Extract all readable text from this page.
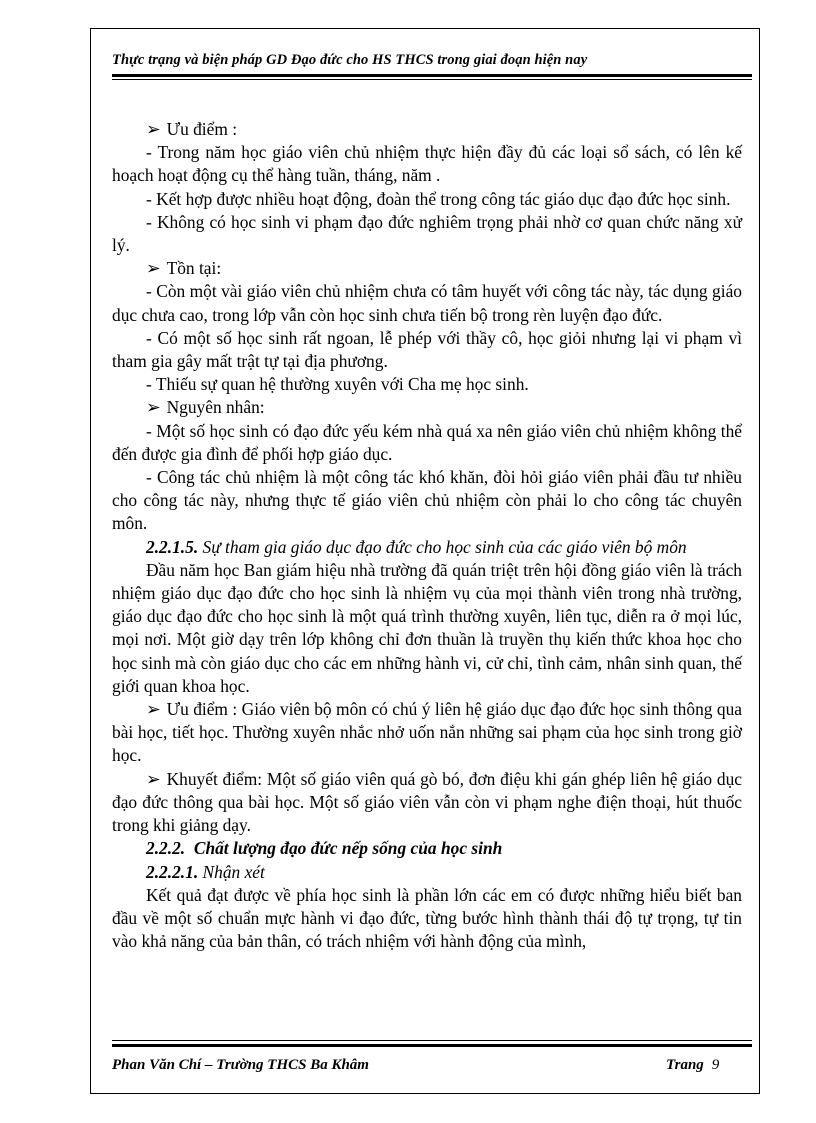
Thực trạng và biện pháp GD Đạo đức cho HS THCS trong giai đoạn hiện nay

➢ Ưu điểm :

- Trong năm học giáo viên chủ nhiệm thực hiện đầy đủ các loại sổ sách, có lên kế hoạch hoạt động cụ thể hàng tuần, tháng, năm .

- Kết hợp được nhiều hoạt động, đoàn thể trong công tác giáo dục đạo đức học sinh.

- Không có học sinh vi phạm đạo đức nghiêm trọng phải nhờ cơ quan chức năng xử lý.

➢ Tồn tại:

- Còn một vài giáo viên chủ nhiệm chưa có tâm huyết với công tác này, tác dụng giáo dục chưa cao, trong lớp vẫn còn học sinh chưa tiến bộ trong rèn luyện đạo đức.

- Có một số học sinh rất ngoan, lễ phép với thầy cô, học giỏi nhưng lại vi phạm vì tham gia gây mất trật tự tại địa phương.

- Thiếu sự quan hệ thường xuyên với Cha mẹ học sinh.

➢ Nguyên nhân:

- Một số học sinh có đạo đức yếu kém nhà quá xa nên giáo viên chủ nhiệm không thể đến được gia đình để phối hợp giáo dục.

- Công tác chủ nhiệm là một công tác khó khăn, đòi hỏi giáo viên phải đầu tư nhiều cho công tác này, nhưng thực tế giáo viên chủ nhiệm còn phải lo cho công tác chuyên môn.

2.2.1.5. Sự tham gia giáo dục đạo đức cho học sinh của các giáo viên bộ môn

Đầu năm học Ban giám hiệu nhà trường đã quán triệt trên hội đồng giáo viên là trách nhiệm giáo dục đạo đức cho học sinh là nhiệm vụ của mọi thành viên trong nhà trường, giáo dục đạo đức cho học sinh là một quá trình thường xuyên, liên tục, diễn ra ở mọi lúc, mọi nơi. Một giờ dạy trên lớp không chỉ đơn thuần là truyền thụ kiến thức khoa học cho học sinh mà còn giáo dục cho các em những hành vi, cử chỉ, tình cảm, nhân sinh quan, thế giới quan khoa học.

➢ Ưu điểm : Giáo viên bộ môn có chú ý liên hệ giáo dục đạo đức học sinh thông qua bài học, tiết học. Thường xuyên nhắc nhở uốn nắn những sai phạm của học sinh trong giờ học.

➢ Khuyết điểm: Một số giáo viên quá gò bó, đơn điệu khi gán ghép liên hệ giáo dục đạo đức thông qua bài học. Một số giáo viên vẫn còn vi phạm nghe điện thoại, hút thuốc trong khi giảng dạy.

2.2.2. Chất lượng đạo đức nếp sống của học sinh

2.2.2.1. Nhận xét

Kết quả đạt được về phía học sinh là phần lớn các em có được những hiểu biết ban đầu về một số chuẩn mực hành vi đạo đức, từng bước hình thành thái độ tự trọng, tự tin vào khả năng của bản thân, có trách nhiệm với hành động của mình,

Phan Văn Chí – Trường THCS Ba Khâm	Trang 9
